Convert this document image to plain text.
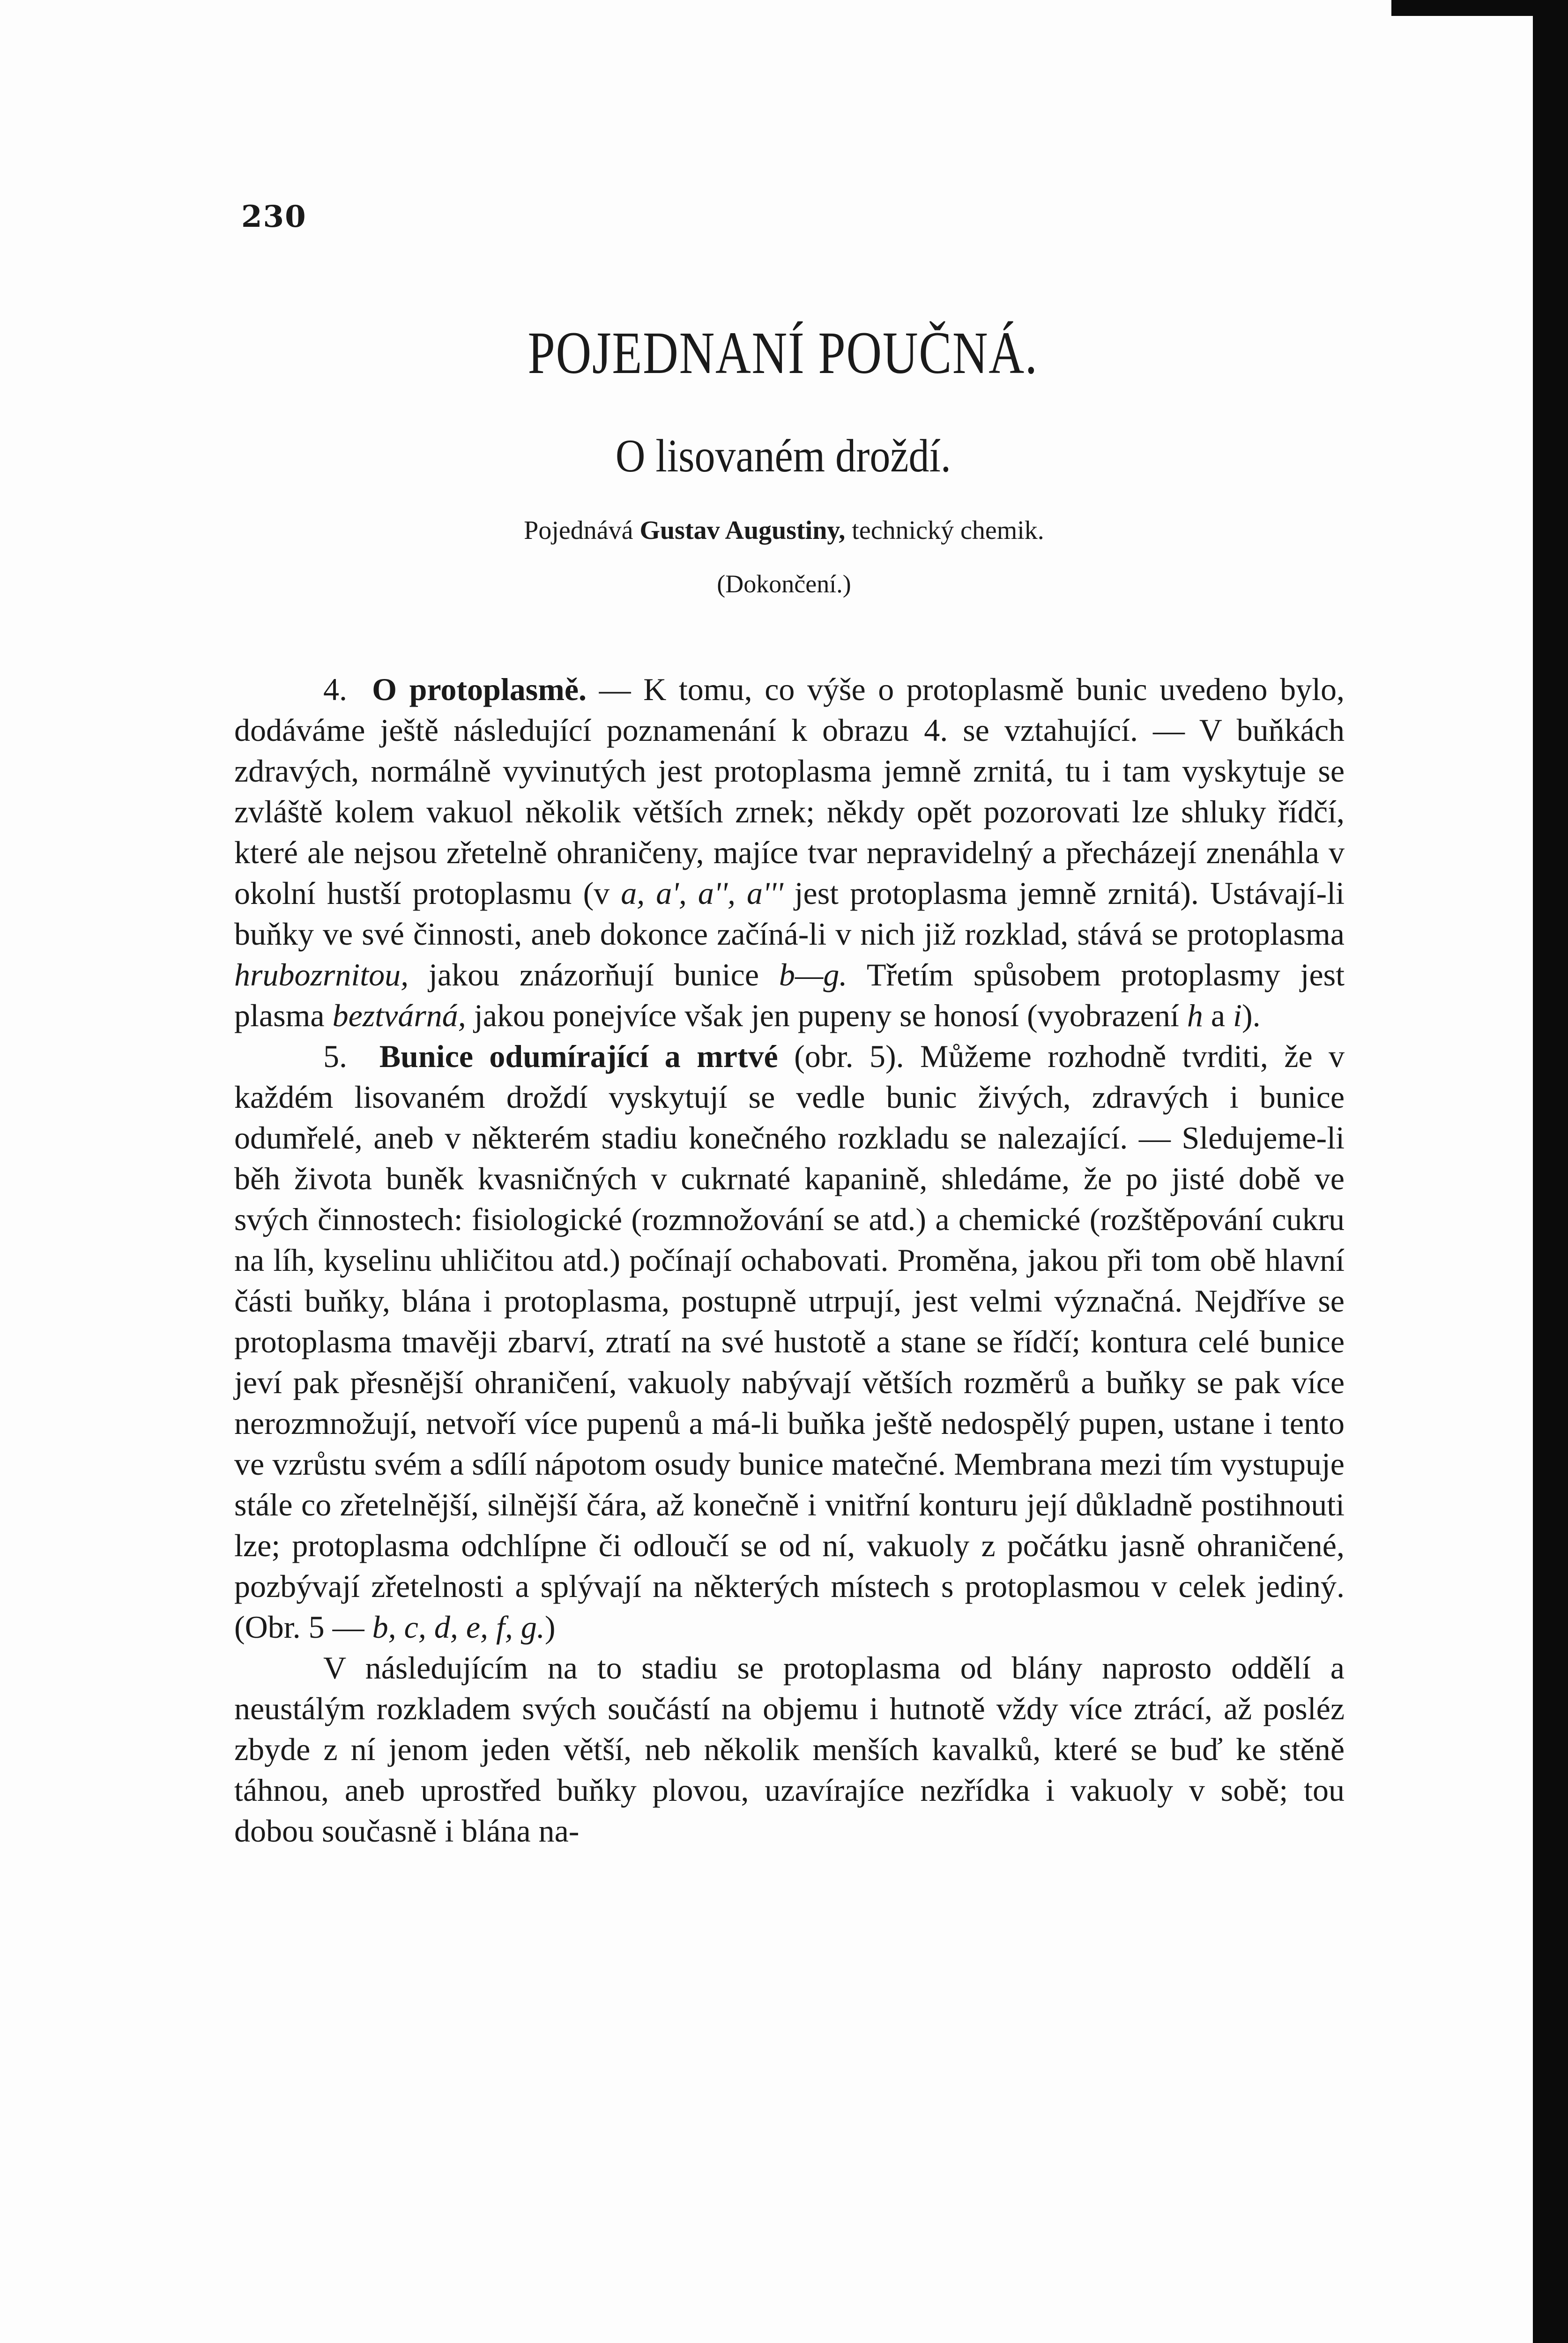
230
POJEDNANÍ POUČNÁ.
O lisovaném droždí.
Pojednává Gustav Augustiny, technický chemik.
(Dokončení.)

4. O protoplasmě. — K tomu, co výše o protoplasmě bunic uvedeno bylo, dodáváme ještě následující poznamenání k obrazu 4. se vztahující. — V buňkách zdravých, normálně vyvinutých jest protoplasma jemně zrnitá, tu i tam vyskytuje se zvláště kolem vakuol několik větších zrnek; někdy opět pozorovati lze shluky řídčí, které ale nejsou zřetelně ohraničeny, majíce tvar nepravidelný a přecházejí znenáhla v okolní hustší protoplasmu (v a, a', a'', a''' jest protoplasma jemně zrnitá). Ustávají-li buňky ve své činnosti, aneb dokonce začíná-li v nich již rozklad, stává se protoplasma hrubozrnitou, jakou znázorňují bunice b—g. Třetím spůsobem protoplasmy jest plasma beztvárná, jakou ponejvíce však jen pupeny se honosí (vyobrazení h a i).

5. Bunice odumírající a mrtvé (obr. 5). Můžeme rozhodně tvrditi, že v každém lisovaném droždí vyskytují se vedle bunic živých, zdravých i bunice odumřelé, aneb v některém stadiu konečného rozkladu se nalezající. — Sledujeme-li běh života buněk kvasničných v cukrnaté kapanině, shledáme, že po jisté době ve svých činnostech: fisiologické (rozmnožování se atd.) a chemické (rozštěpování cukru na líh, kyselinu uhličitou atd.) počínají ochabovati. Proměna, jakou při tom obě hlavní části buňky, blána i protoplasma, postupně utrpují, jest velmi význačná. Nejdříve se protoplasma tmavěji zbarví, ztratí na své hustotě a stane se řídčí; kontura celé bunice jeví pak přesnější ohraničení, vakuoly nabývají větších rozměrů a buňky se pak více nerozmnožují, netvoří více pupenů a má-li buňka ještě nedospělý pupen, ustane i tento ve vzrůstu svém a sdílí nápotom osudy bunice matečné. Membrana mezi tím vystupuje stále co zřetelnější, silnější čára, až konečně i vnitřní konturu její důkladně postihnouti lze; protoplasma odchlípne či odloučí se od ní, vakuoly z počátku jasně ohraničené, pozbývají zřetelnosti a splývají na některých místech s protoplasmou v celek jediný. (Obr. 5 — b, c, d, e, f, g.)

V následujícím na to stadiu se protoplasma od blány naprosto oddělí a neustálým rozkladem svých součástí na objemu i hutnotě vždy více ztrácí, až posléz zbyde z ní jenom jeden větší, neb několik menších kavalků, které se buď ke stěně táhnou, aneb uprostřed buňky plovou, uzavírajíce nezřídka i vakuoly v sobě; tou dobou současně i blána na-
